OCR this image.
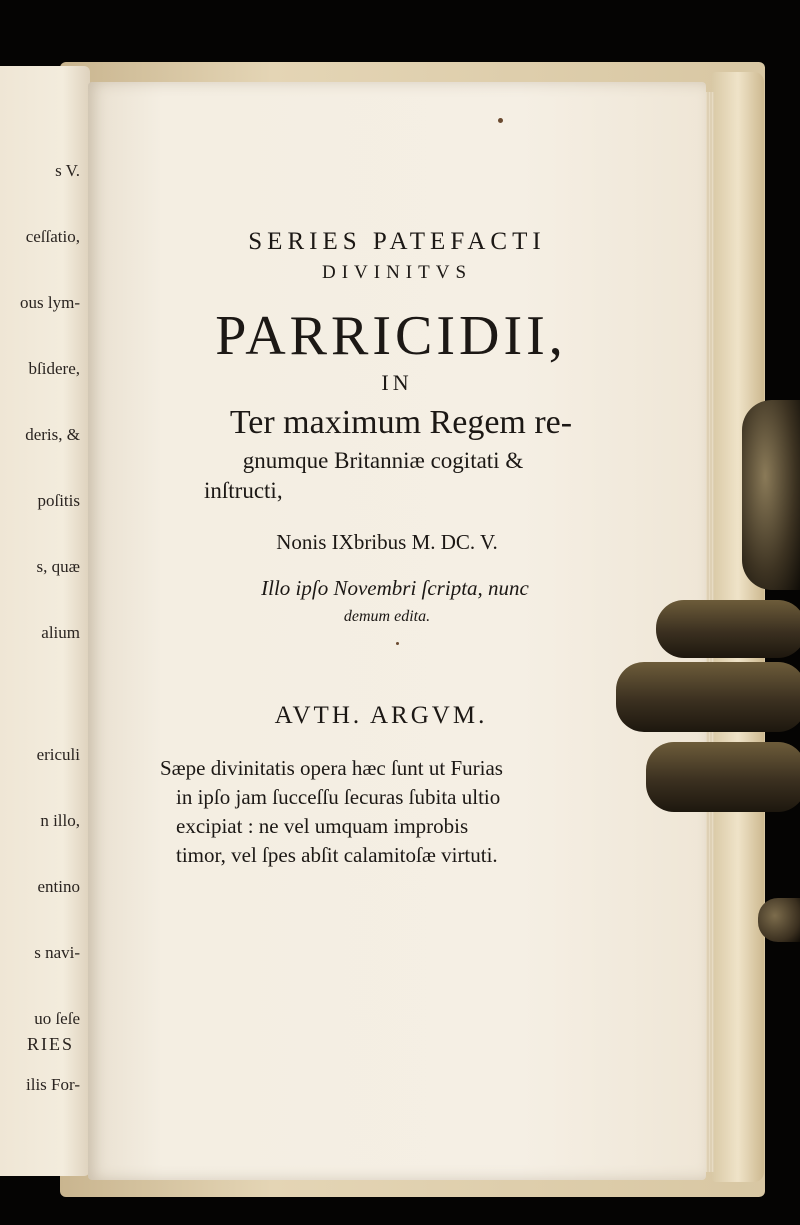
s V.

ceſſatio,

ous lym-

bſidere,

deris, &

poſitis

s, quæ

alium

ericuli

n illo,

entino

s navi-

uo ſeſe

ilis For-

RIES
SERIES PATEFACTI
DIVINITVS
PARRICIDII,
IN
Ter maximum Regem re-
gnumque Britanniæ cogitati &
inſtructi,
Nonis IXbribus M. DC. V.
Illo ipſo Novembri ſcripta, nunc
demum edita.
AVTH. ARGVM.
Sæpe divinitatis opera hæc ſunt ut Furias
in ipſo jam ſucceſſu ſecuras ſubita ultio
excipiat : ne vel umquam improbis
timor, vel ſpes abſit calamitoſæ virtuti.
